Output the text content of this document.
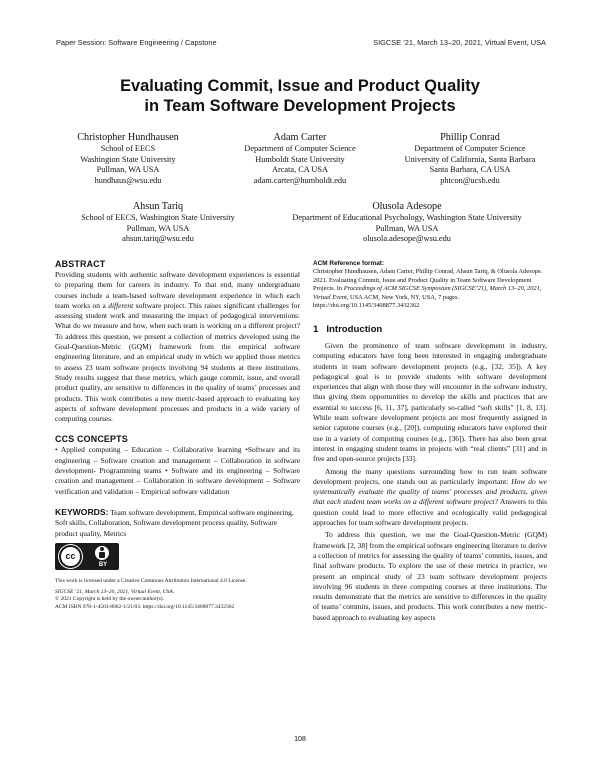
Paper Session: Software Engineering / Capstone	SIGCSE ’21, March 13–20, 2021, Virtual Event, USA
Evaluating Commit, Issue and Product Quality
in Team Software Development Projects
Christopher Hundhausen
School of EECS
Washington State University
Pullman, WA USA
hundhaus@wsu.edu
Adam Carter
Department of Computer Science
Humboldt State University
Arcata, CA USA
adam.carter@humboldt.edu
Phillip Conrad
Department of Computer Science
University of California, Santa Barbara
Santa Barbara, CA USA
phtcon@ucsb.edu
Ahsun Tariq
School of EECS, Washington State University
Pullman, WA USA
ahsun.tariq@wsu.edu
Olusola Adesope
Department of Educational Psychology, Washington State University
Pullman, WA USA
olusola.adesope@wsu.edu

ABSTRACT

Providing students with authentic software development experiences is essential to preparing them for careers in industry. To that end, many undergraduate courses include a team-based software development experience in which each team works on a different software project. This raises significant challenges for assessing student work and measuring the impact of pedagogical interventions: What do we measure and how, when each team is working on a different project? To address this question, we present a collection of metrics developed using the Goal-Question-Metric (GQM) framework from the empirical software engineering literature, and an empirical study in which we applied those metrics to assess 23 team software projects involving 94 students at three institutions. Study results suggest that these metrics, which gauge commit, issue, and overall product quality, are sensitive to differences in the quality of teams’ processes and products. This work contributes a new metric-based approach to evaluating key aspects of software development processes and products in a wide variety of computing courses.

CCS CONCEPTS

• Applied computing – Education – Collaborative learning •Software and its engineering – Software creation and management – Collaboration in software development- Programming teams • Software and its engineering – Software creation and management – Collaboration in software development – Software verification and validation – Empirical software validation

KEYWORDS: Team software development, Empirical software engineering, Soft skills, Collaboration, Software development process quality, Software product quality, Metrics

cc
BY

This work is licensed under a Creative Commons Attribution International 4.0 License.

SIGCSE ’21, March 13–20, 2021, Virtual Event, USA.

© 2021 Copyright is held by the owner/author(s).

ACM ISBN 978-1-4503-8062-1/21/03. https://doi.org/10.1145/3408877.3432362

ACM Reference format:

Christopher Hundhausen, Adam Carter, Phillip Conrad, Ahsun Tariq, & Olusola Adesope. 2021. Evaluating Commit, Issue and Product Quality in Team Software Development Projects. In Proceedings of ACM SIGCSE Symposium (SIGCSE’21), March 13–20, 2021, Virtual Event, USA ACM, New York, NY, USA, 7 pages. https://doi.org/10.1145/3408877.3432362

1 Introduction

Given the prominence of team software development in industry, computing educators have long been interested in engaging undergraduate students in team software development projects (e.g., [32, 35]). A key pedagogical goal is to provide students with software development experiences that align with those they will encounter in the software industry, thus giving them opportunities to develop the skills and practices that are essential to success [6, 11, 37], particularly so-called “soft skills” [1, 8, 13]. While team software development projects are most frequently assigned in senior capstone courses (e.g., [20]), computing educators have explored their use in a variety of computing courses (e.g., [36]). There has also been great interest in engaging student teams in projects with “real clients” [31] and in free and open-source projects [33].

Among the many questions surrounding how to run team software development projects, one stands out as particularly important: How do we systematically evaluate the quality of teams’ processes and products, given that each student team works on a different software project? Answers to this question could lead to more effective and ecologically valid pedagogical approaches for team software development projects.

To address this question, we use the Goal-Question-Metric (GQM) framework [2, 38] from the empirical software engineering literature to derive a collection of metrics for assessing the quality of teams’ commits, issues, and final software products. To explore the use of these metrics in practice, we present an empirical study of 23 team software development projects involving 96 students in three computing courses at three institutions. The results demonstrate that the metrics are sensitive to differences in the quality of teams’ commits, issues, and products. This work contributes a new metric-based approach to evaluating key aspects

108
